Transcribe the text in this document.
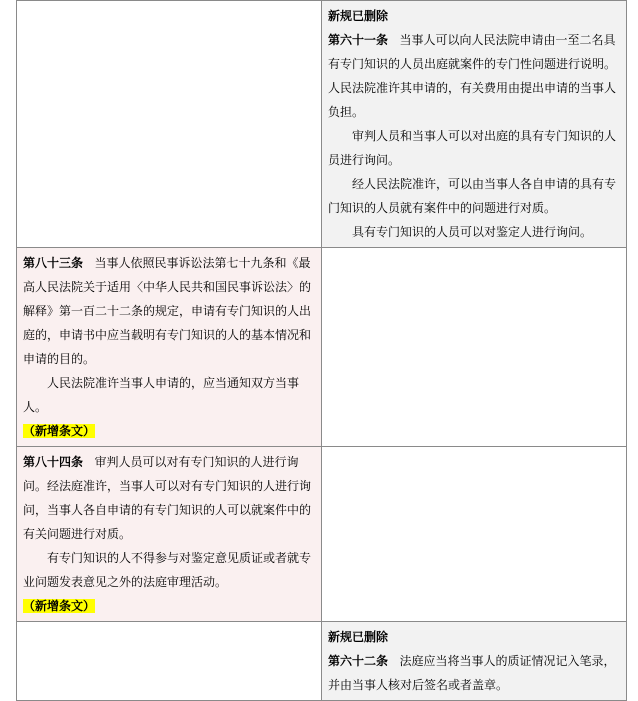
	新规已删除

第六十一条 当事人可以向人民法院申请由一至二名具有专门知识的人员出庭就案件的专门性问题进行说明。人民法院准许其申请的，有关费用由提出申请的当事人负担。

审判人员和当事人可以对出庭的具有专门知识的人员进行询问。
经人民法院准许，可以由当事人各自申请的具有专门知识的人员就有案件中的问题进行对质。
具有专门知识的人员可以对鉴定人进行询问。

第八十三条 当事人依照民事诉讼法第七十九条和《最高人民法院关于适用〈中华人民共和国民事诉讼法〉的解释》第一百二十二条的规定，申请有专门知识的人出庭的，申请书中应当载明有专门知识的人的基本情况和申请的目的。

人民法院准许当事人申请的，应当通知双方当事人。

（新增条文）	

第八十四条 审判人员可以对有专门知识的人进行询问。经法庭准许，当事人可以对有专门知识的人进行询问，当事人各自申请的有专门知识的人可以就案件中的有关问题进行对质。

有专门知识的人不得参与对鉴定意见质证或者就专业问题发表意见之外的法庭审理活动。

（新增条文）	

	新规已删除

第六十二条 法庭应当将当事人的质证情况记入笔录，并由当事人核对后签名或者盖章。
